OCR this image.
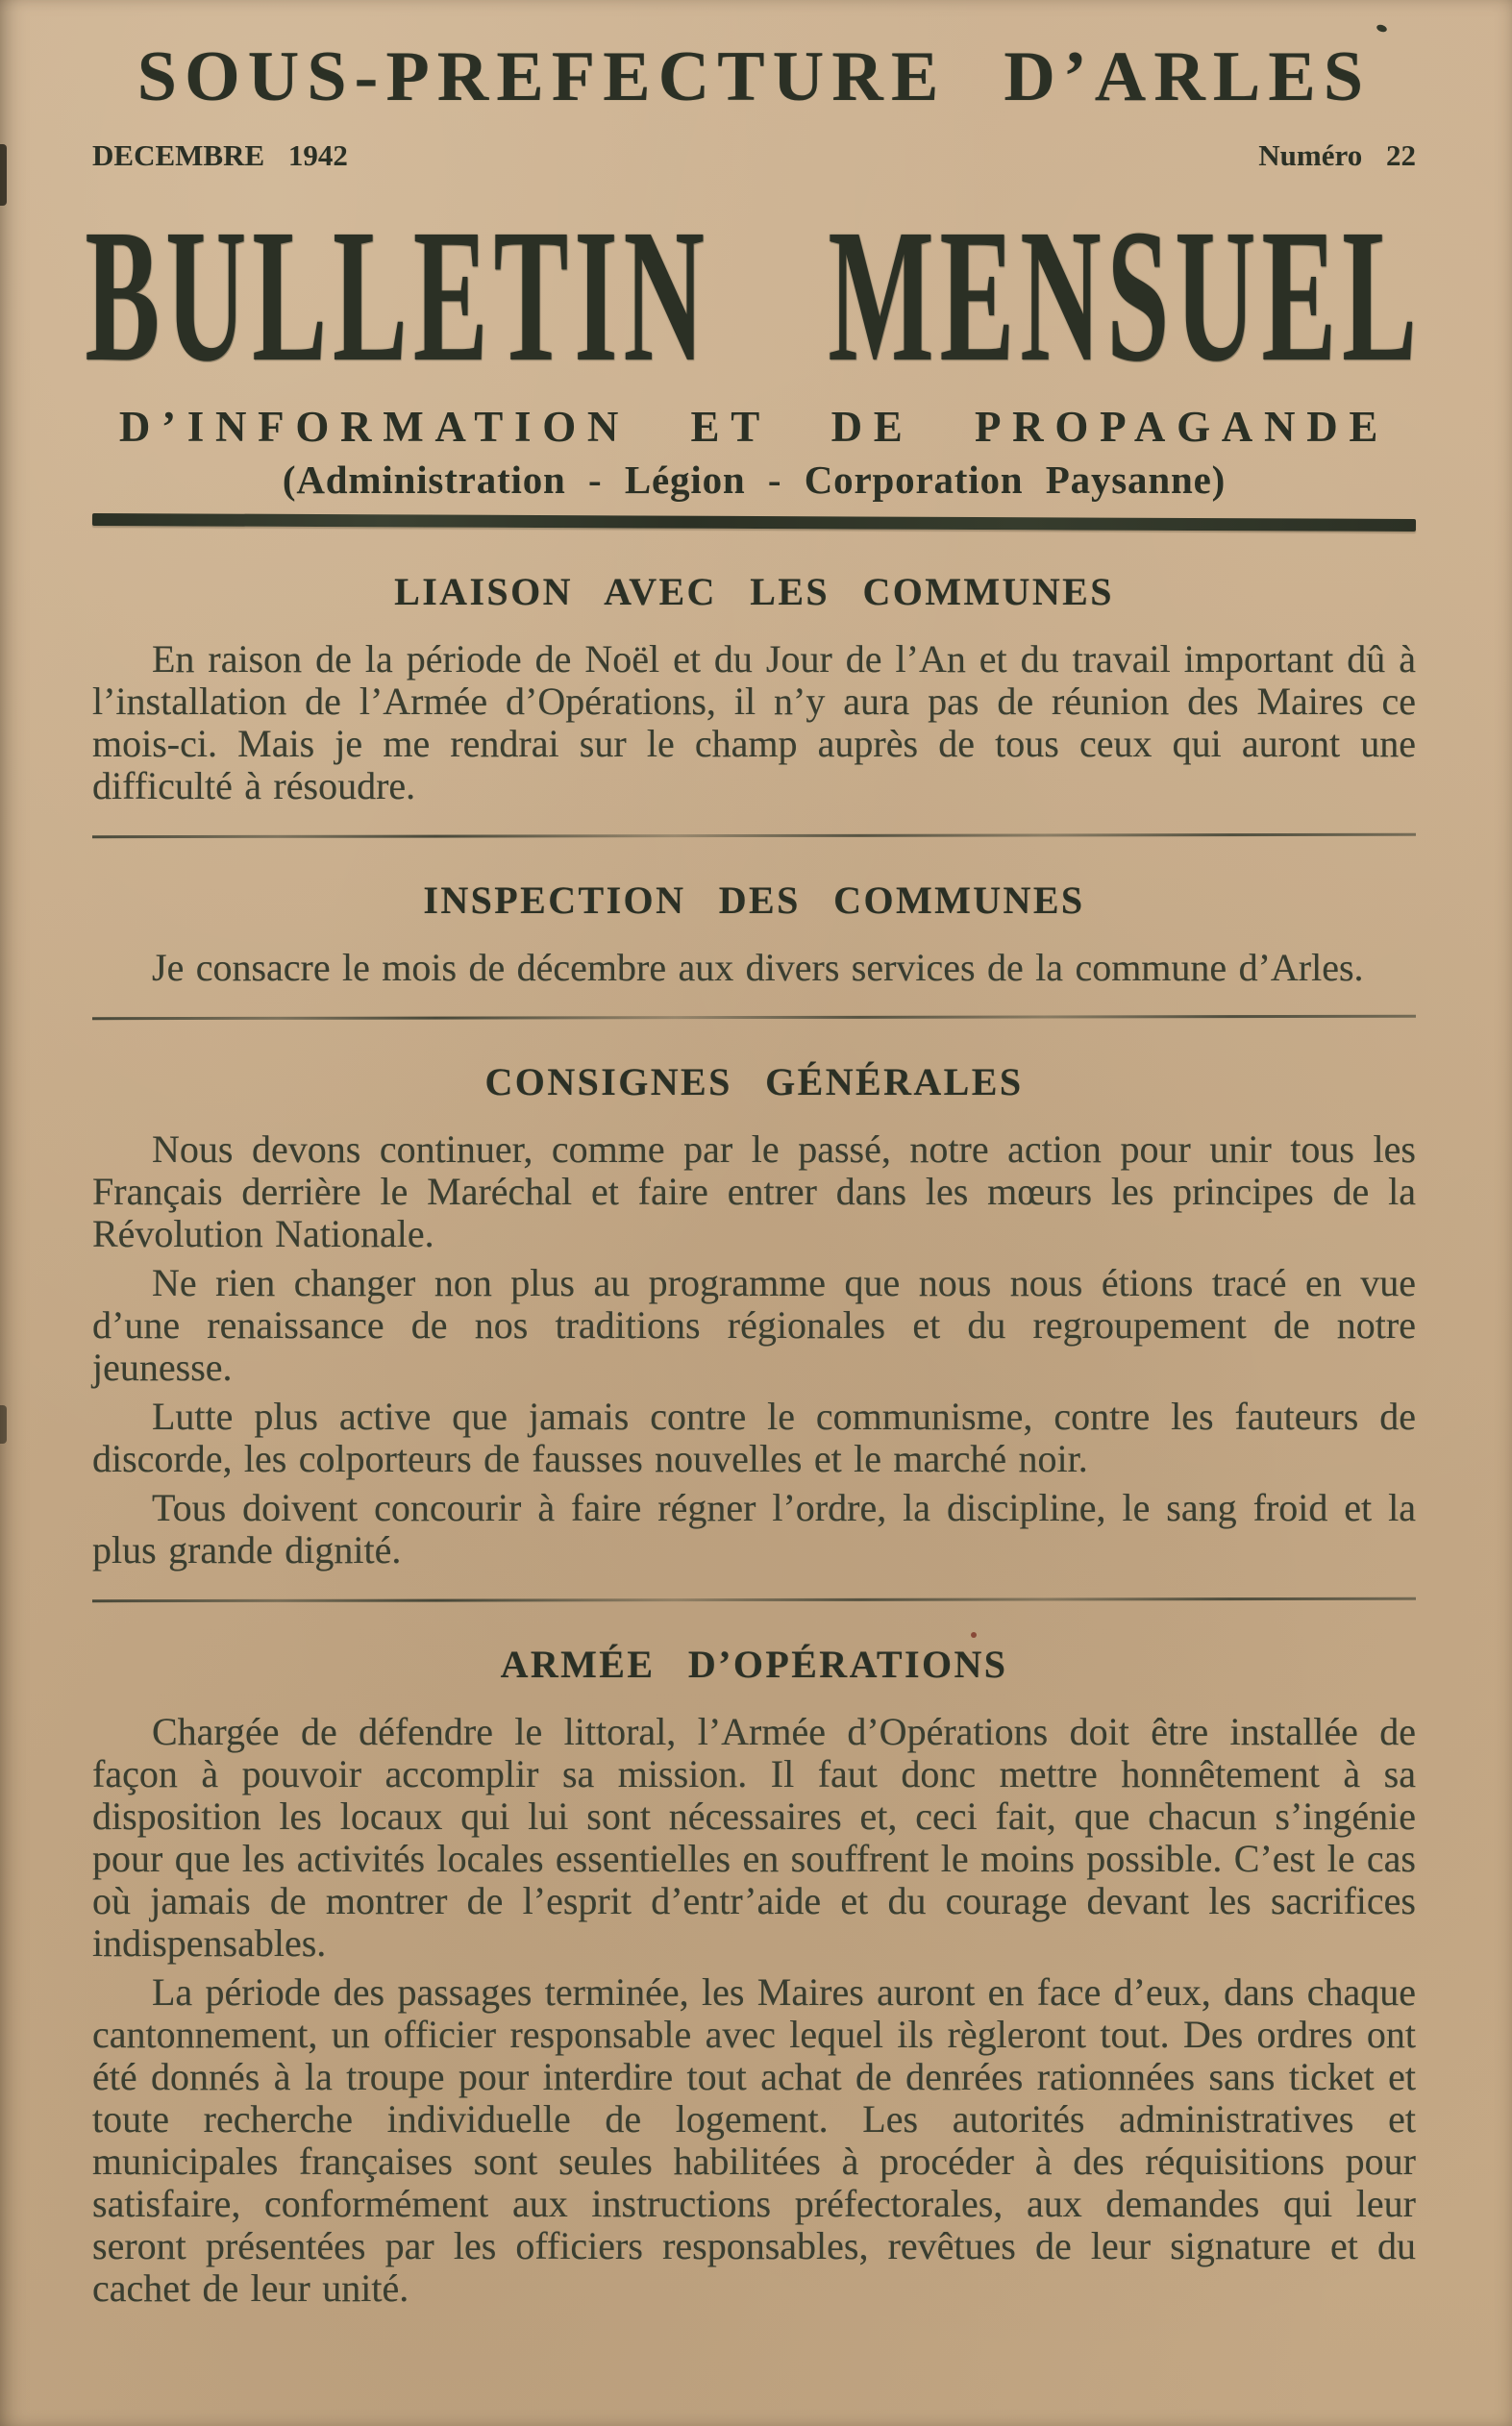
SOUS-PREFECTURE D’ARLES
DECEMBRE 1942	Numéro 22
BULLETIN MENSUEL
D’INFORMATION ET DE PROPAGANDE
(Administration - Légion - Corporation Paysanne)
LIAISON AVEC LES COMMUNES

En raison de la période de Noël et du Jour de l’An et du travail important dû à l’installation de l’Armée d’Opérations, il n’y aura pas de réunion des Maires ce mois-ci. Mais je me rendrai sur le champ auprès de tous ceux qui auront une difficulté à résoudre.

INSPECTION DES COMMUNES

Je consacre le mois de décembre aux divers services de la commune d’Arles.

CONSIGNES GÉNÉRALES

Nous devons continuer, comme par le passé, notre action pour unir tous les Français derrière le Maréchal et faire entrer dans les mœurs les principes de la Révolution Nationale.

Ne rien changer non plus au programme que nous nous étions tracé en vue d’une renaissance de nos traditions régionales et du regroupement de notre jeunesse.

Lutte plus active que jamais contre le communisme, contre les fauteurs de discorde, les colporteurs de fausses nouvelles et le marché noir.

Tous doivent concourir à faire régner l’ordre, la discipline, le sang froid et la plus grande dignité.

ARMÉE D’OPÉRATIONS

Chargée de défendre le littoral, l’Armée d’Opérations doit être installée de façon à pouvoir accomplir sa mission. Il faut donc mettre honnêtement à sa disposition les locaux qui lui sont nécessaires et, ceci fait, que chacun s’ingénie pour que les activités locales essentielles en souffrent le moins possible. C’est le cas où jamais de montrer de l’esprit d’entr’aide et du courage devant les sacrifices indispensables.

La période des passages terminée, les Maires auront en face d’eux, dans chaque cantonnement, un officier responsable avec lequel ils règleront tout. Des ordres ont été donnés à la troupe pour interdire tout achat de denrées rationnées sans ticket et toute recherche individuelle de logement. Les autorités administratives et municipales françaises sont seules habilitées à procéder à des réquisitions pour satisfaire, conformément aux instructions préfectorales, aux demandes qui leur seront présentées par les officiers responsables, revêtues de leur signature et du cachet de leur unité.
